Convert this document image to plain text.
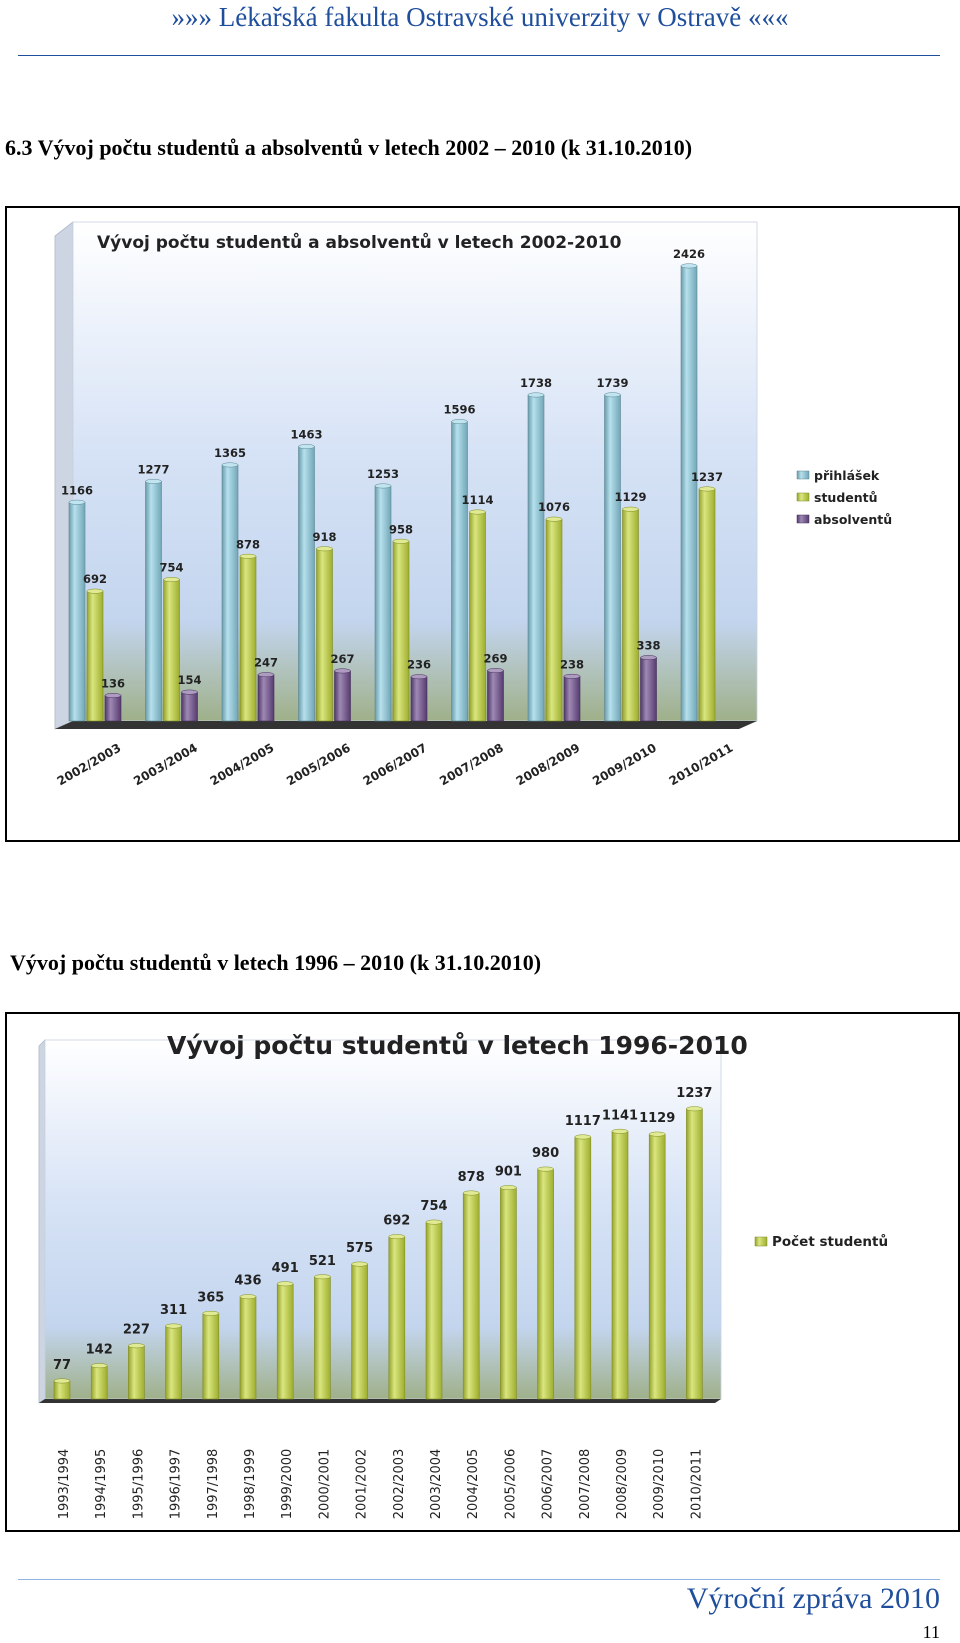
»»» Lékařská fakulta Ostravské univerzity v Ostravě «««
6.3 Vývoj počtu studentů a absolventů v letech 2002 – 2010 (k 31.10.2010)
Vývoj počtu studentů a absolventů v letech 2002-2010
1166
692
136
2002/2003
1277
754
154
2003/2004
1365
878
247
2004/2005
1463
918
267
2005/2006
1253
958
236
2006/2007
1596
1114
269
2007/2008
1738
1076
238
2008/2009
1739
1129
338
2009/2010
2426
1237
2010/2011
přihlášek
studentů
absolventů
Vývoj počtu studentů v letech 1996 – 2010 (k 31.10.2010)
Vývoj počtu studentů v letech 1996-2010
77
1993/1994
142
1994/1995
227
1995/1996
311
1996/1997
365
1997/1998
436
1998/1999
491
1999/2000
521
2000/2001
575
2001/2002
692
2002/2003
754
2003/2004
878
2004/2005
901
2005/2006
980
2006/2007
1117
2007/2008
1141
2008/2009
1129
2009/2010
1237
2010/2011
Počet studentů
Výroční zpráva 2010
11
